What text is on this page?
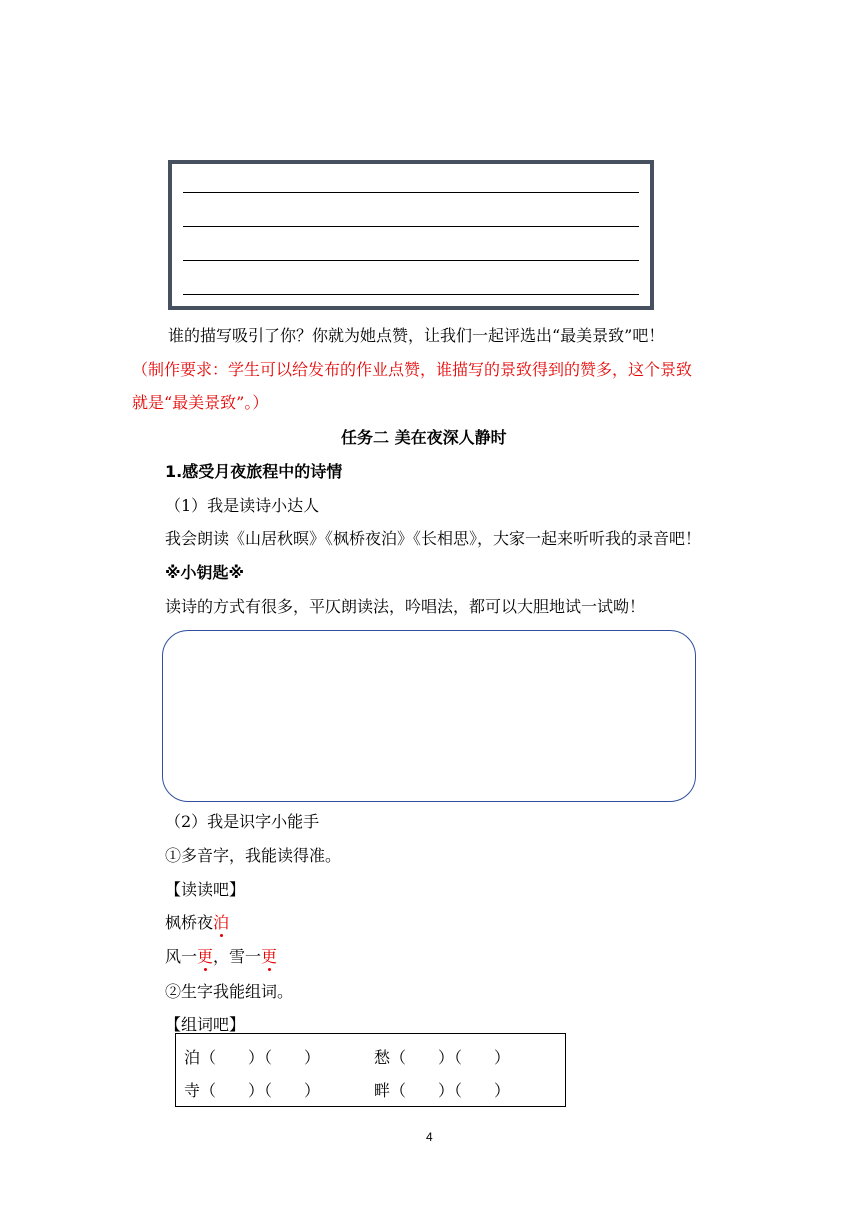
谁的描写吸引了你？你就为她点赞，让我们一起评选出“最美景致”吧！
（制作要求：学生可以给发布的作业点赞，谁描写的景致得到的赞多，这个景致
就是“最美景致”。）
任务二 美在夜深人静时
1.感受月夜旅程中的诗情
（1）我是读诗小达人
我会朗读《山居秋暝》《枫桥夜泊》《长相思》，大家一起来听听我的录音吧！
※小钥匙※
读诗的方式有很多，平仄朗读法，吟唱法，都可以大胆地试一试呦！
（2）我是识字小能手
①多音字，我能读得准。
【读读吧】
枫桥夜泊
风一更，雪一更
②生字我能组词。
【组词吧】
泊（　　）（　　）	愁（　　）（　　）
寺（　　）（　　）	畔（　　）（　　）
4
